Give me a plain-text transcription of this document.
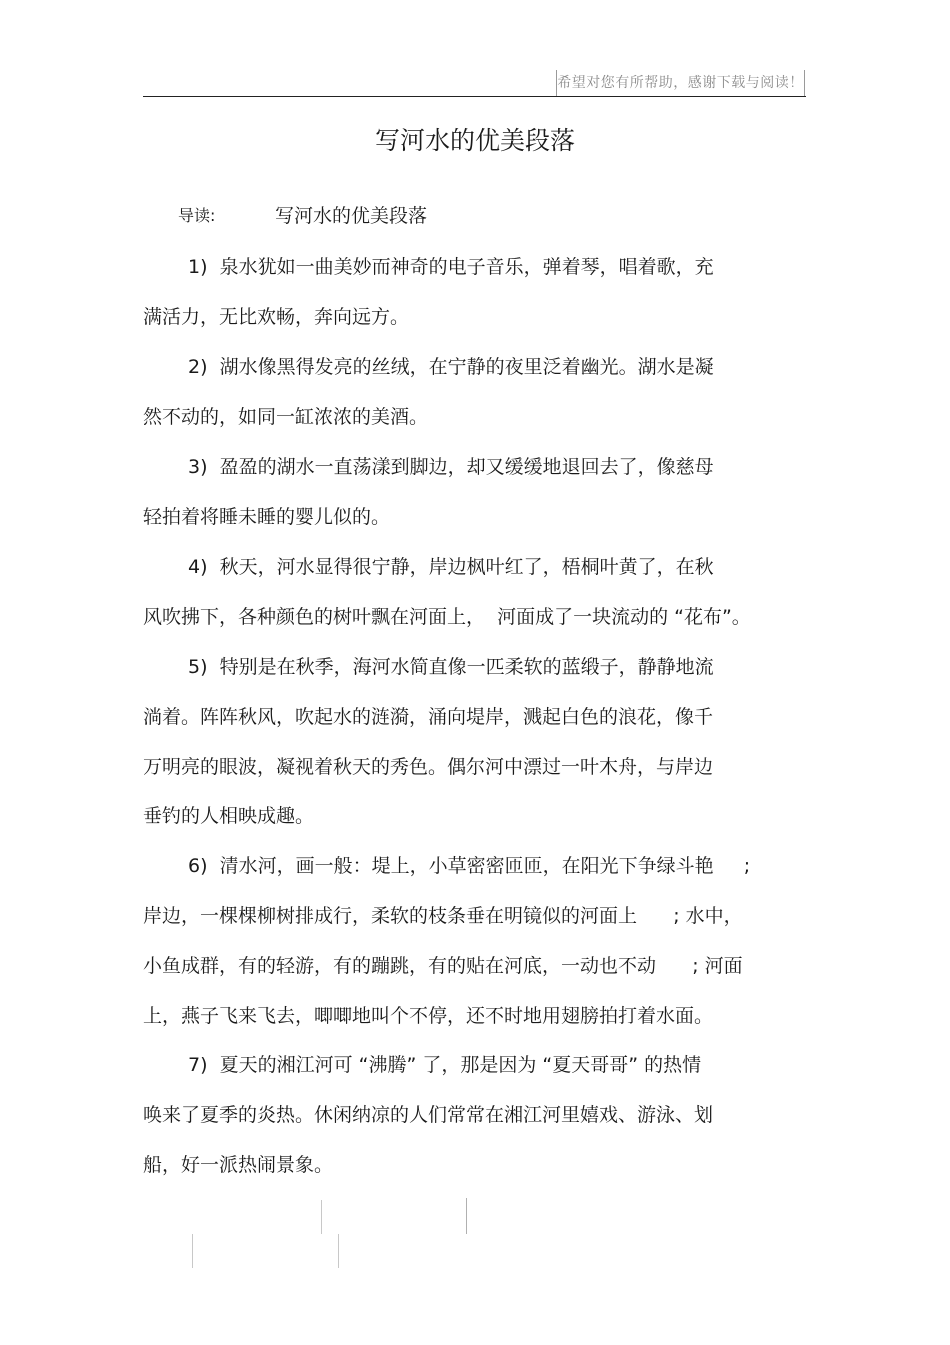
希望对您有所帮助，感谢下载与阅读！
写河水的优美段落
导读:	写河水的优美段落
1)  泉水犹如一曲美妙而神奇的电子音乐，弹着琴，唱着歌，充
满活力，无比欢畅，奔向远方。
2)  湖水像黑得发亮的丝绒，在宁静的夜里泛着幽光。湖水是凝
然不动的，如同一缸浓浓的美酒。
3)  盈盈的湖水一直荡漾到脚边，却又缓缓地退回去了，像慈母
轻拍着将睡未睡的婴儿似的。
4)  秋天，河水显得很宁静，岸边枫叶红了，梧桐叶黄了，在秋
风吹拂下，各种颜色的树叶飘在河面上，  河面成了一块流动的 “花布”。
5)  特别是在秋季，海河水简直像一匹柔软的蓝缎子，静静地流
淌着。阵阵秋风，吹起水的涟漪，涌向堤岸，溅起白色的浪花，像千
万明亮的眼波，凝视着秋天的秀色。偶尔河中漂过一叶木舟，与岸边
垂钓的人相映成趣。
6)  清水河，画一般：堤上，小草密密匝匝，在阳光下争绿斗艳     ;
岸边，一棵棵柳树排成行，柔软的枝条垂在明镜似的河面上      ; 水中，
小鱼成群，有的轻游，有的蹦跳，有的贴在河底，一动也不动      ; 河面
上，燕子飞来飞去，唧唧地叫个不停，还不时地用翅膀拍打着水面。
7)  夏天的湘江河可 “沸腾” 了，那是因为 “夏天哥哥” 的热情
唤来了夏季的炎热。休闲纳凉的人们常常在湘江河里嬉戏、游泳、划
船，好一派热闹景象。
